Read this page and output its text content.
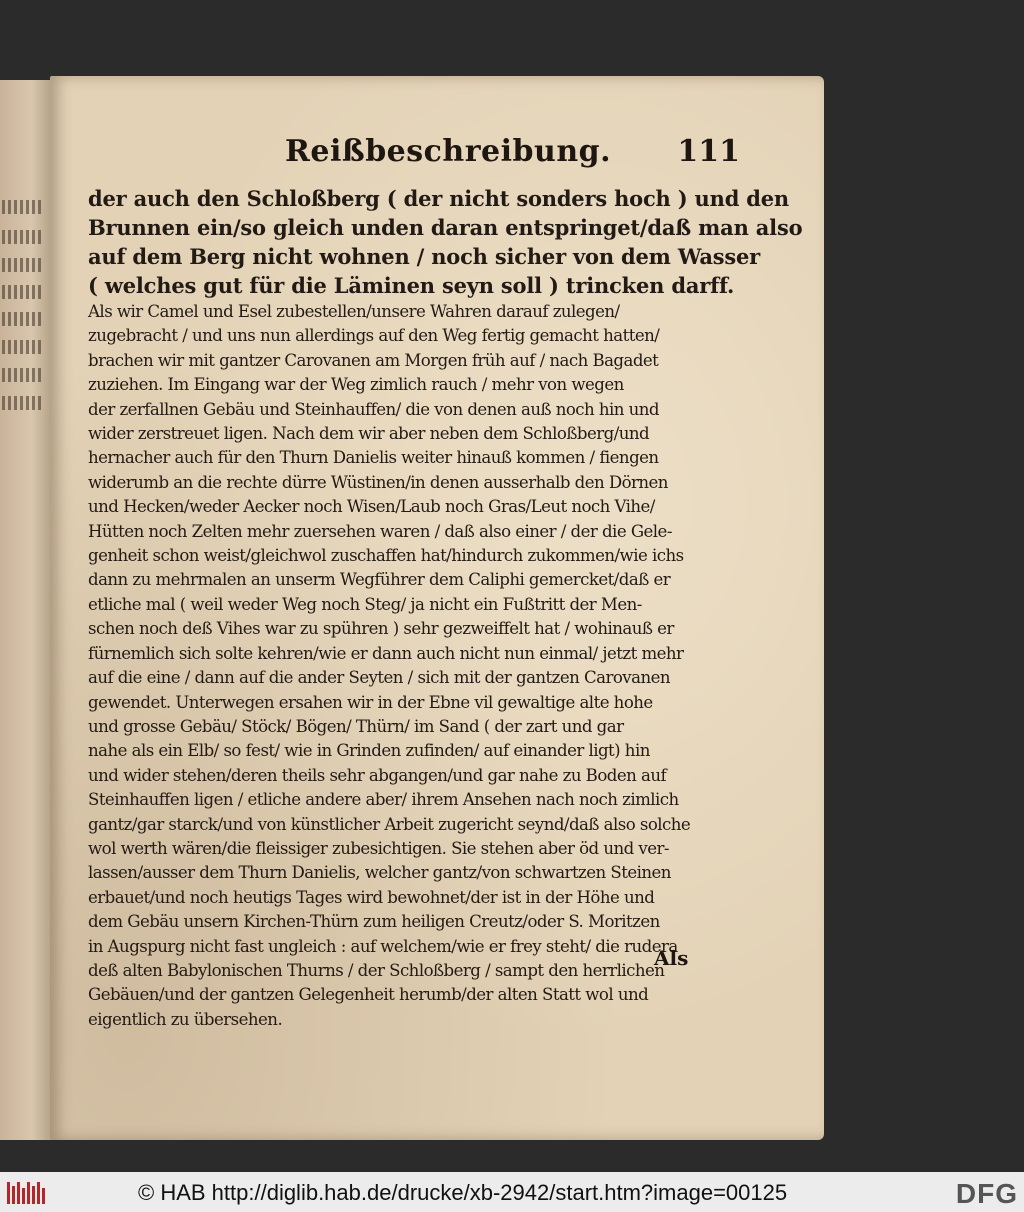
Reißbeschreibung. 111
der auch den Schloßberg ( der nicht sonders hoch ) und den
Brunnen ein/so gleich unden daran entspringet/daß man also
auf dem Berg nicht wohnen / noch sicher von dem Wasser
( welches gut für die Läminen seyn soll ) trincken darff.
Als wir Camel und Esel zubestellen/unsere Wahren darauf zulegen/
zugebracht / und uns nun allerdings auf den Weg fertig gemacht hatten/
brachen wir mit gantzer Carovanen am Morgen früh auf / nach Bagadet
zuziehen. Im Eingang war der Weg zimlich rauch / mehr von wegen
der zerfallnen Gebäu und Steinhauffen/ die von denen auß noch hin und
wider zerstreuet ligen. Nach dem wir aber neben dem Schloßberg/und
hernacher auch für den Thurn Danielis weiter hinauß kommen / fiengen
widerumb an die rechte dürre Wüstinen/in denen ausserhalb den Dörnen
und Hecken/weder Aecker noch Wisen/Laub noch Gras/Leut noch Vihe/
Hütten noch Zelten mehr zuersehen waren / daß also einer / der die Gele-
genheit schon weist/gleichwol zuschaffen hat/hindurch zukommen/wie ichs
dann zu mehrmalen an unserm Wegführer dem Caliphi gemercket/daß er
etliche mal ( weil weder Weg noch Steg/ ja nicht ein Fußtritt der Men-
schen noch deß Vihes war zu spühren ) sehr gezweiffelt hat / wohinauß er
fürnemlich sich solte kehren/wie er dann auch nicht nun einmal/ jetzt mehr
auf die eine / dann auf die ander Seyten / sich mit der gantzen Carovanen
gewendet. Unterwegen ersahen wir in der Ebne vil gewaltige alte hohe
und grosse Gebäu/ Stöck/ Bögen/ Thürn/ im Sand ( der zart und gar
nahe als ein Elb/ so fest/ wie in Grinden zufinden/ auf einander ligt) hin
und wider stehen/deren theils sehr abgangen/und gar nahe zu Boden auf
Steinhauffen ligen / etliche andere aber/ ihrem Ansehen nach noch zimlich
gantz/gar starck/und von künstlicher Arbeit zugericht seynd/daß also solche
wol werth wären/die fleissiger zubesichtigen. Sie stehen aber öd und ver-
lassen/ausser dem Thurn Danielis, welcher gantz/von schwartzen Steinen
erbauet/und noch heutigs Tages wird bewohnet/der ist in der Höhe und
dem Gebäu unsern Kirchen-Thürn zum heiligen Creutz/oder S. Moritzen
in Augspurg nicht fast ungleich : auf welchem/wie er frey steht/ die rudera
deß alten Babylonischen Thurns / der Schloßberg / sampt den herrlichen
Gebäuen/und der gantzen Gelegenheit herumb/der alten Statt wol und
eigentlich zu übersehen.
Als
© HAB http://diglib.hab.de/drucke/xb-2942/start.htm?image=00125	DFG
